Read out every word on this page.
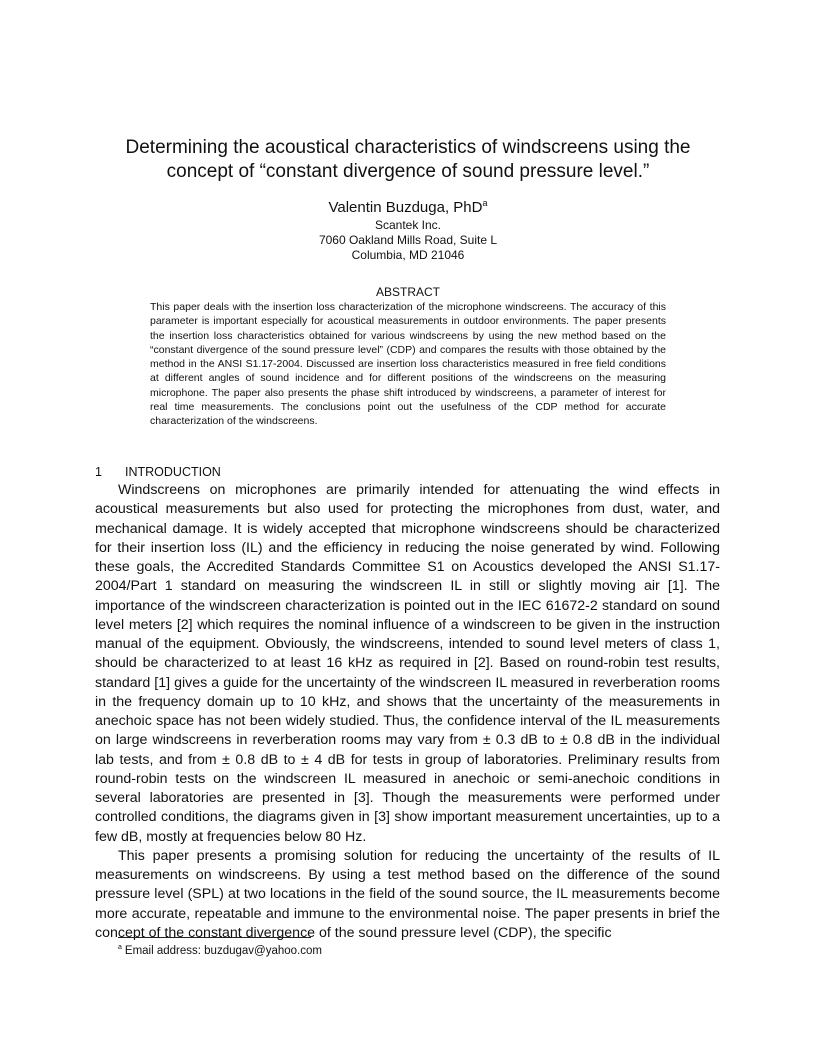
Determining the acoustical characteristics of windscreens using the
concept of “constant divergence of sound pressure level.”
Valentin Buzduga, PhD$^a$
Scantek Inc.
7060 Oakland Mills Road, Suite L
Columbia, MD 21046
ABSTRACT

This paper deals with the insertion loss characterization of the microphone windscreens. The accuracy of this parameter is important especially for acoustical measurements in outdoor environments. The paper presents the insertion loss characteristics obtained for various windscreens by using the new method based on the “constant divergence of the sound pressure level” (CDP) and compares the results with those obtained by the method in the ANSI S1.17-2004. Discussed are insertion loss characteristics measured in free field conditions at different angles of sound incidence and for different positions of the windscreens on the measuring microphone. The paper also presents the phase shift introduced by windscreens, a parameter of interest for real time measurements. The conclusions point out the usefulness of the CDP method for accurate characterization of the windscreens.

1 INTRODUCTION

Windscreens on microphones are primarily intended for attenuating the wind effects in acoustical measurements but also used for protecting the microphones from dust, water, and mechanical damage. It is widely accepted that microphone windscreens should be characterized for their insertion loss (IL) and the efficiency in reducing the noise generated by wind. Following these goals, the Accredited Standards Committee S1 on Acoustics developed the ANSI S1.17-2004/Part 1 standard on measuring the windscreen IL in still or slightly moving air [1]. The importance of the windscreen characterization is pointed out in the IEC 61672-2 standard on sound level meters [2] which requires the nominal influence of a windscreen to be given in the instruction manual of the equipment. Obviously, the windscreens, intended to sound level meters of class 1, should be characterized to at least 16 kHz as required in [2]. Based on round-robin test results, standard [1] gives a guide for the uncertainty of the windscreen IL measured in reverberation rooms in the frequency domain up to 10 kHz, and shows that the uncertainty of the measurements in anechoic space has not been widely studied. Thus, the confidence interval of the IL measurements on large windscreens in reverberation rooms may vary from ± 0.3 dB to ± 0.8 dB in the individual lab tests, and from ± 0.8 dB to ± 4 dB for tests in group of laboratories. Preliminary results from round-robin tests on the windscreen IL measured in anechoic or semi-anechoic conditions in several laboratories are presented in [3]. Though the measurements were performed under controlled conditions, the diagrams given in [3] show important measurement uncertainties, up to a few dB, mostly at frequencies below 80 Hz.

This paper presents a promising solution for reducing the uncertainty of the results of IL measurements on windscreens. By using a test method based on the difference of the sound pressure level (SPL) at two locations in the field of the sound source, the IL measurements become more accurate, repeatable and immune to the environmental noise. The paper presents in brief the concept of the constant divergence of the sound pressure level (CDP), the specific

$^a$ Email address: buzdugav@yahoo.com
